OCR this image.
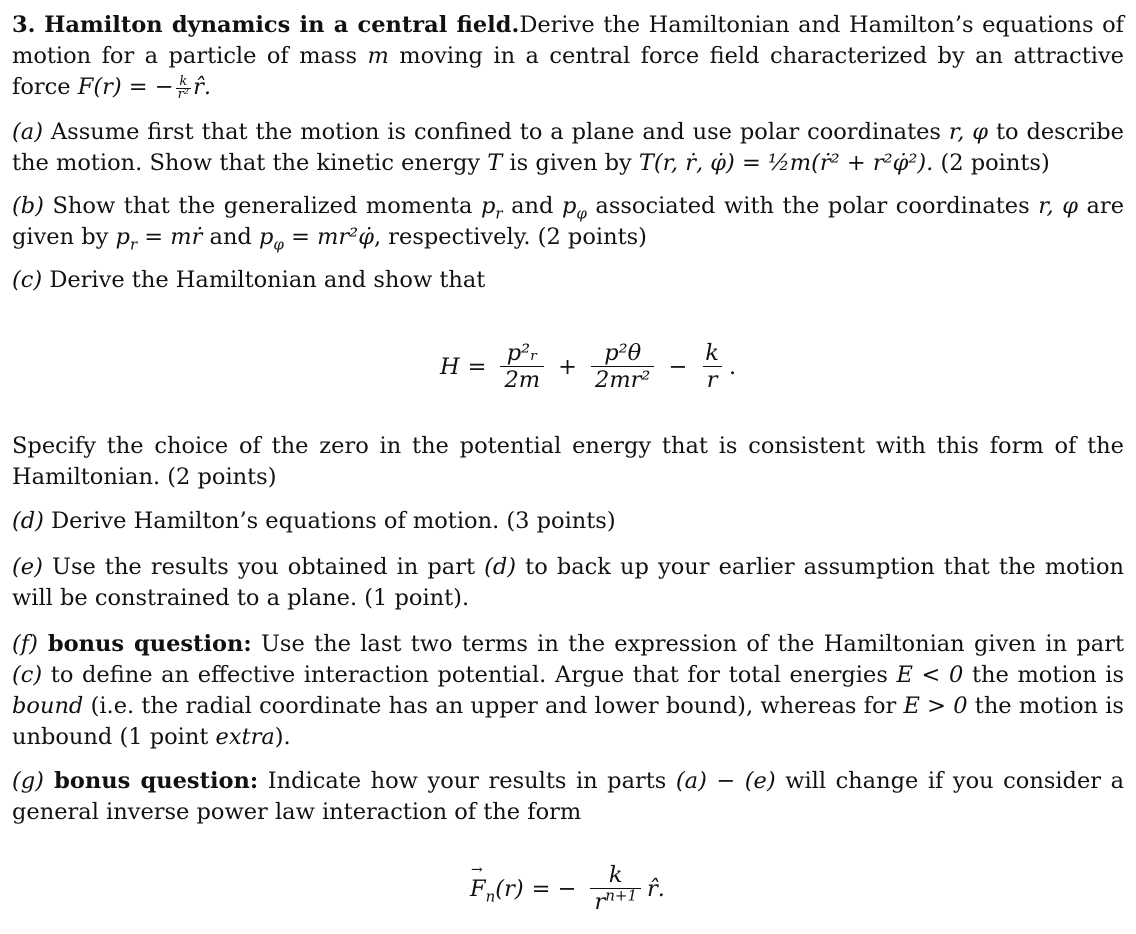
3. Hamilton dynamics in a central field.Derive the Hamiltonian and Hamilton’s equations of motion for a particle of mass m moving in a central force field characterized by an attractive force F(r) = − $\frac{k}{\text{r²}}$ r̂.

(a) Assume first that the motion is confined to a plane and use polar coordinates r, φ to describe the motion. Show that the kinetic energy T is given by T(r, ṙ, φ̇) = ½m(ṙ² + r²φ̇²). (2 points)

(b) Show that the generalized momenta $p_r$ and $p_\varphi$ associated with the polar coordinates r, φ are given by $p_r$ = mṙ and $p_\varphi$ = mr²φ̇, respectively. (2 points)

(c) Derive the Hamiltonian and show that

$H = \frac{\text{p²ᵣ}}{2m} + \frac{\text{p²θ}}{\text{2mr²}} - \frac{k}{r}$ .

Specify the choice of the zero in the potential energy that is consistent with this form of the Hamiltonian. (2 points)

(d) Derive Hamilton’s equations of motion. (3 points)

(e) Use the results you obtained in part (d) to back up your earlier assumption that the motion will be constrained to a plane. (1 point).

(f) bonus question: Use the last two terms in the expression of the Hamiltonian given in part (c) to define an effective interaction potential. Argue that for total energies E < 0 the motion is bound (i.e. the radial coordinate has an upper and lower bound), whereas for E > 0 the motion is unbound (1 point extra).

(g) bonus question: Indicate how your results in parts (a) − (e) will change if you consider a general inverse power law interaction of the form

→ $F_n(r)$ = − $\frac{k}{r^{n+1}}$ r̂.
